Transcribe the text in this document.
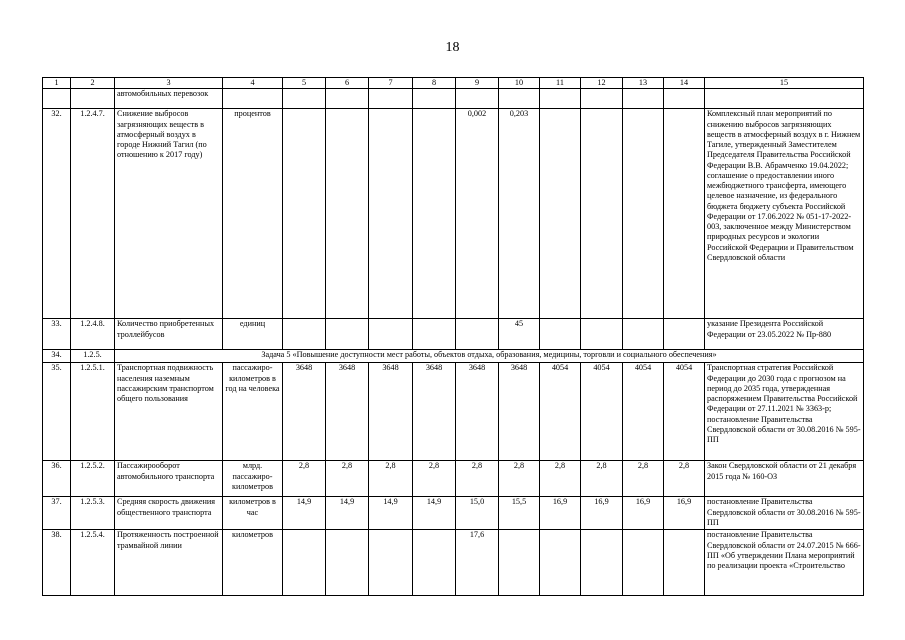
18
1	2	3	4	5	6	7	8	9	10	11	12	13	14	15
		автомобильных перевозок												
32.	1.2.4.7.	Снижение выбросов загрязняющих веществ в атмосферный воздух в городе Нижний Тагил (по отношению к 2017 году)	процентов					0,002	0,203					Комплексный план мероприятий по снижению выбросов загрязняющих веществ в атмосферный воздух в г. Нижнем Тагиле, утвержденный Заместителем Председателя Правительства Российской Федерации В.В. Абрамченко 19.04.2022; соглашение о предоставлении иного межбюджетного трансферта, имеющего целевое назначение, из федерального бюджета бюджету субъекта Российской Федерации от 17.06.2022 № 051-17-2022-003, заключенное между Министерством природных ресурсов и экологии Российской Федерации и Правительством Свердловской области
33.	1.2.4.8.	Количество приобретенных троллейбусов	единиц						45					указание Президента Российской Федерации от 23.05.2022 № Пр-880
34.	1.2.5.	Задача 5 «Повышение доступности мест работы, объектов отдыха, образования, медицины, торговли и социального обеспечения»												
35.	1.2.5.1.	Транспортная подвижность населения наземным пассажирским транспортом общего пользования	пассажиро-километров в год на человека	3648	3648	3648	3648	3648	3648	4054	4054	4054	4054	Транспортная стратегия Российской Федерации до 2030 года с прогнозом на период до 2035 года, утвержденная распоряжением Правительства Российской Федерации от 27.11.2021 № 3363-р; постановление Правительства Свердловской области от 30.08.2016 № 595-ПП
36.	1.2.5.2.	Пассажирооборот автомобильного транспорта	млрд. пассажиро-километров	2,8	2,8	2,8	2,8	2,8	2,8	2,8	2,8	2,8	2,8	Закон Свердловской области от 21 декабря 2015 года № 160-ОЗ
37.	1.2.5.3.	Средняя скорость движения общественного транспорта	километров в час	14,9	14,9	14,9	14,9	15,0	15,5	16,9	16,9	16,9	16,9	постановление Правительства Свердловской области от 30.08.2016 № 595-ПП
38.	1.2.5.4.	Протяженность построенной трамвайной линии	километров					17,6						постановление Правительства Свердловской области от 24.07.2015 № 666-ПП «Об утверждении Плана мероприятий по реализации проекта «Строительство
